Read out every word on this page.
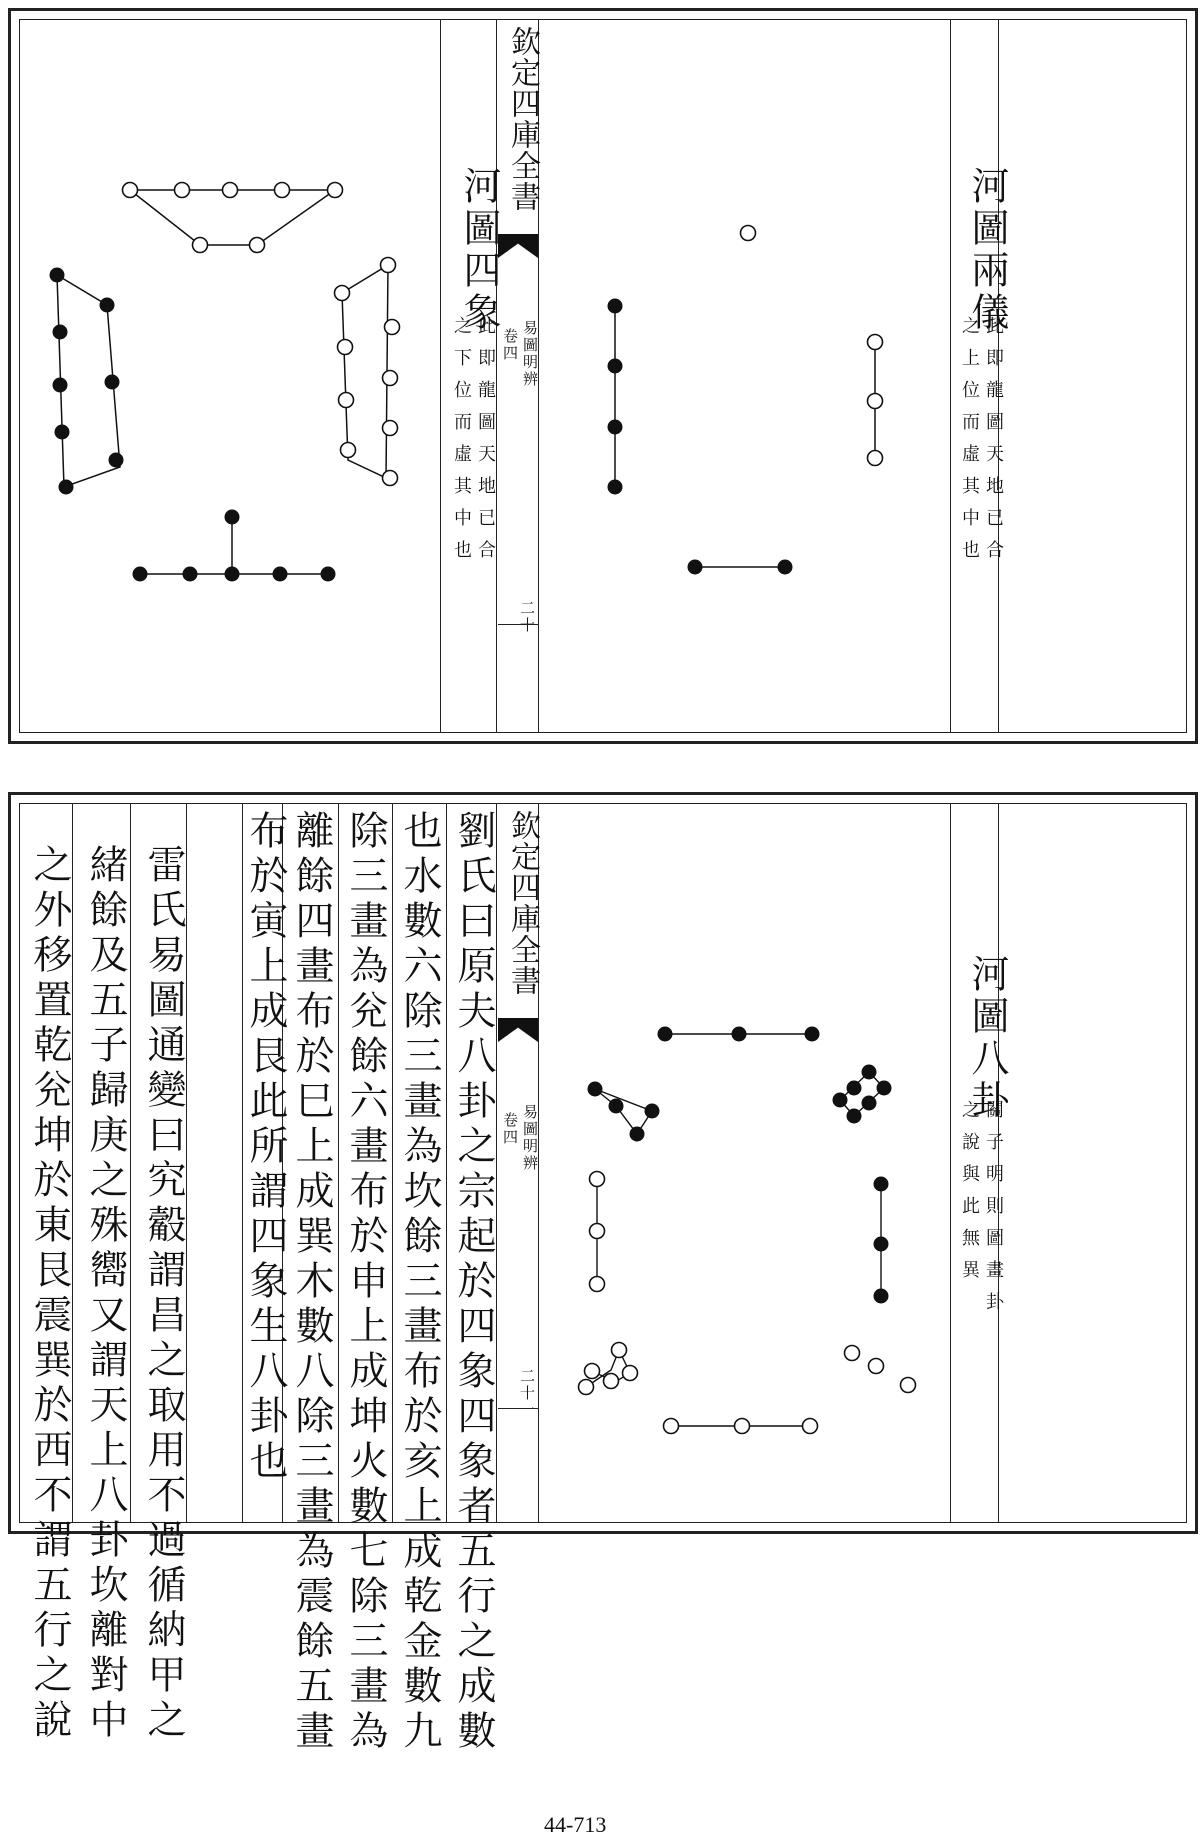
欽定四庫全書
易圖明辨
卷四
二十
河圖四象
此即龍圖天地已合
之下位而虛其中也
河圖兩儀
此即龍圖天地已合
之上位而虛其中也
劉氏曰原夫八卦之宗起於四象四象者五行之成數
也水數六除三畫為坎餘三畫布於亥上成乾金數九
除三畫為兊餘六畫布於申上成坤火數七除三畫為
離餘四畫布於巳上成巽木數八除三畫為震餘五畫
布於寅上成艮此所謂四象生八卦也
雷氏易圖通變曰究觳謂昌之取用不過循納甲之
緒餘及五子歸庚之殊嚮又謂天上八卦坎離對中
之外移置乾兊坤於東艮震巽於西不謂五行之說	欽定四庫全書
易圖明辨
卷四
二十一
河圖八卦
關子明則圖畫卦
之說與此無異
44-713
